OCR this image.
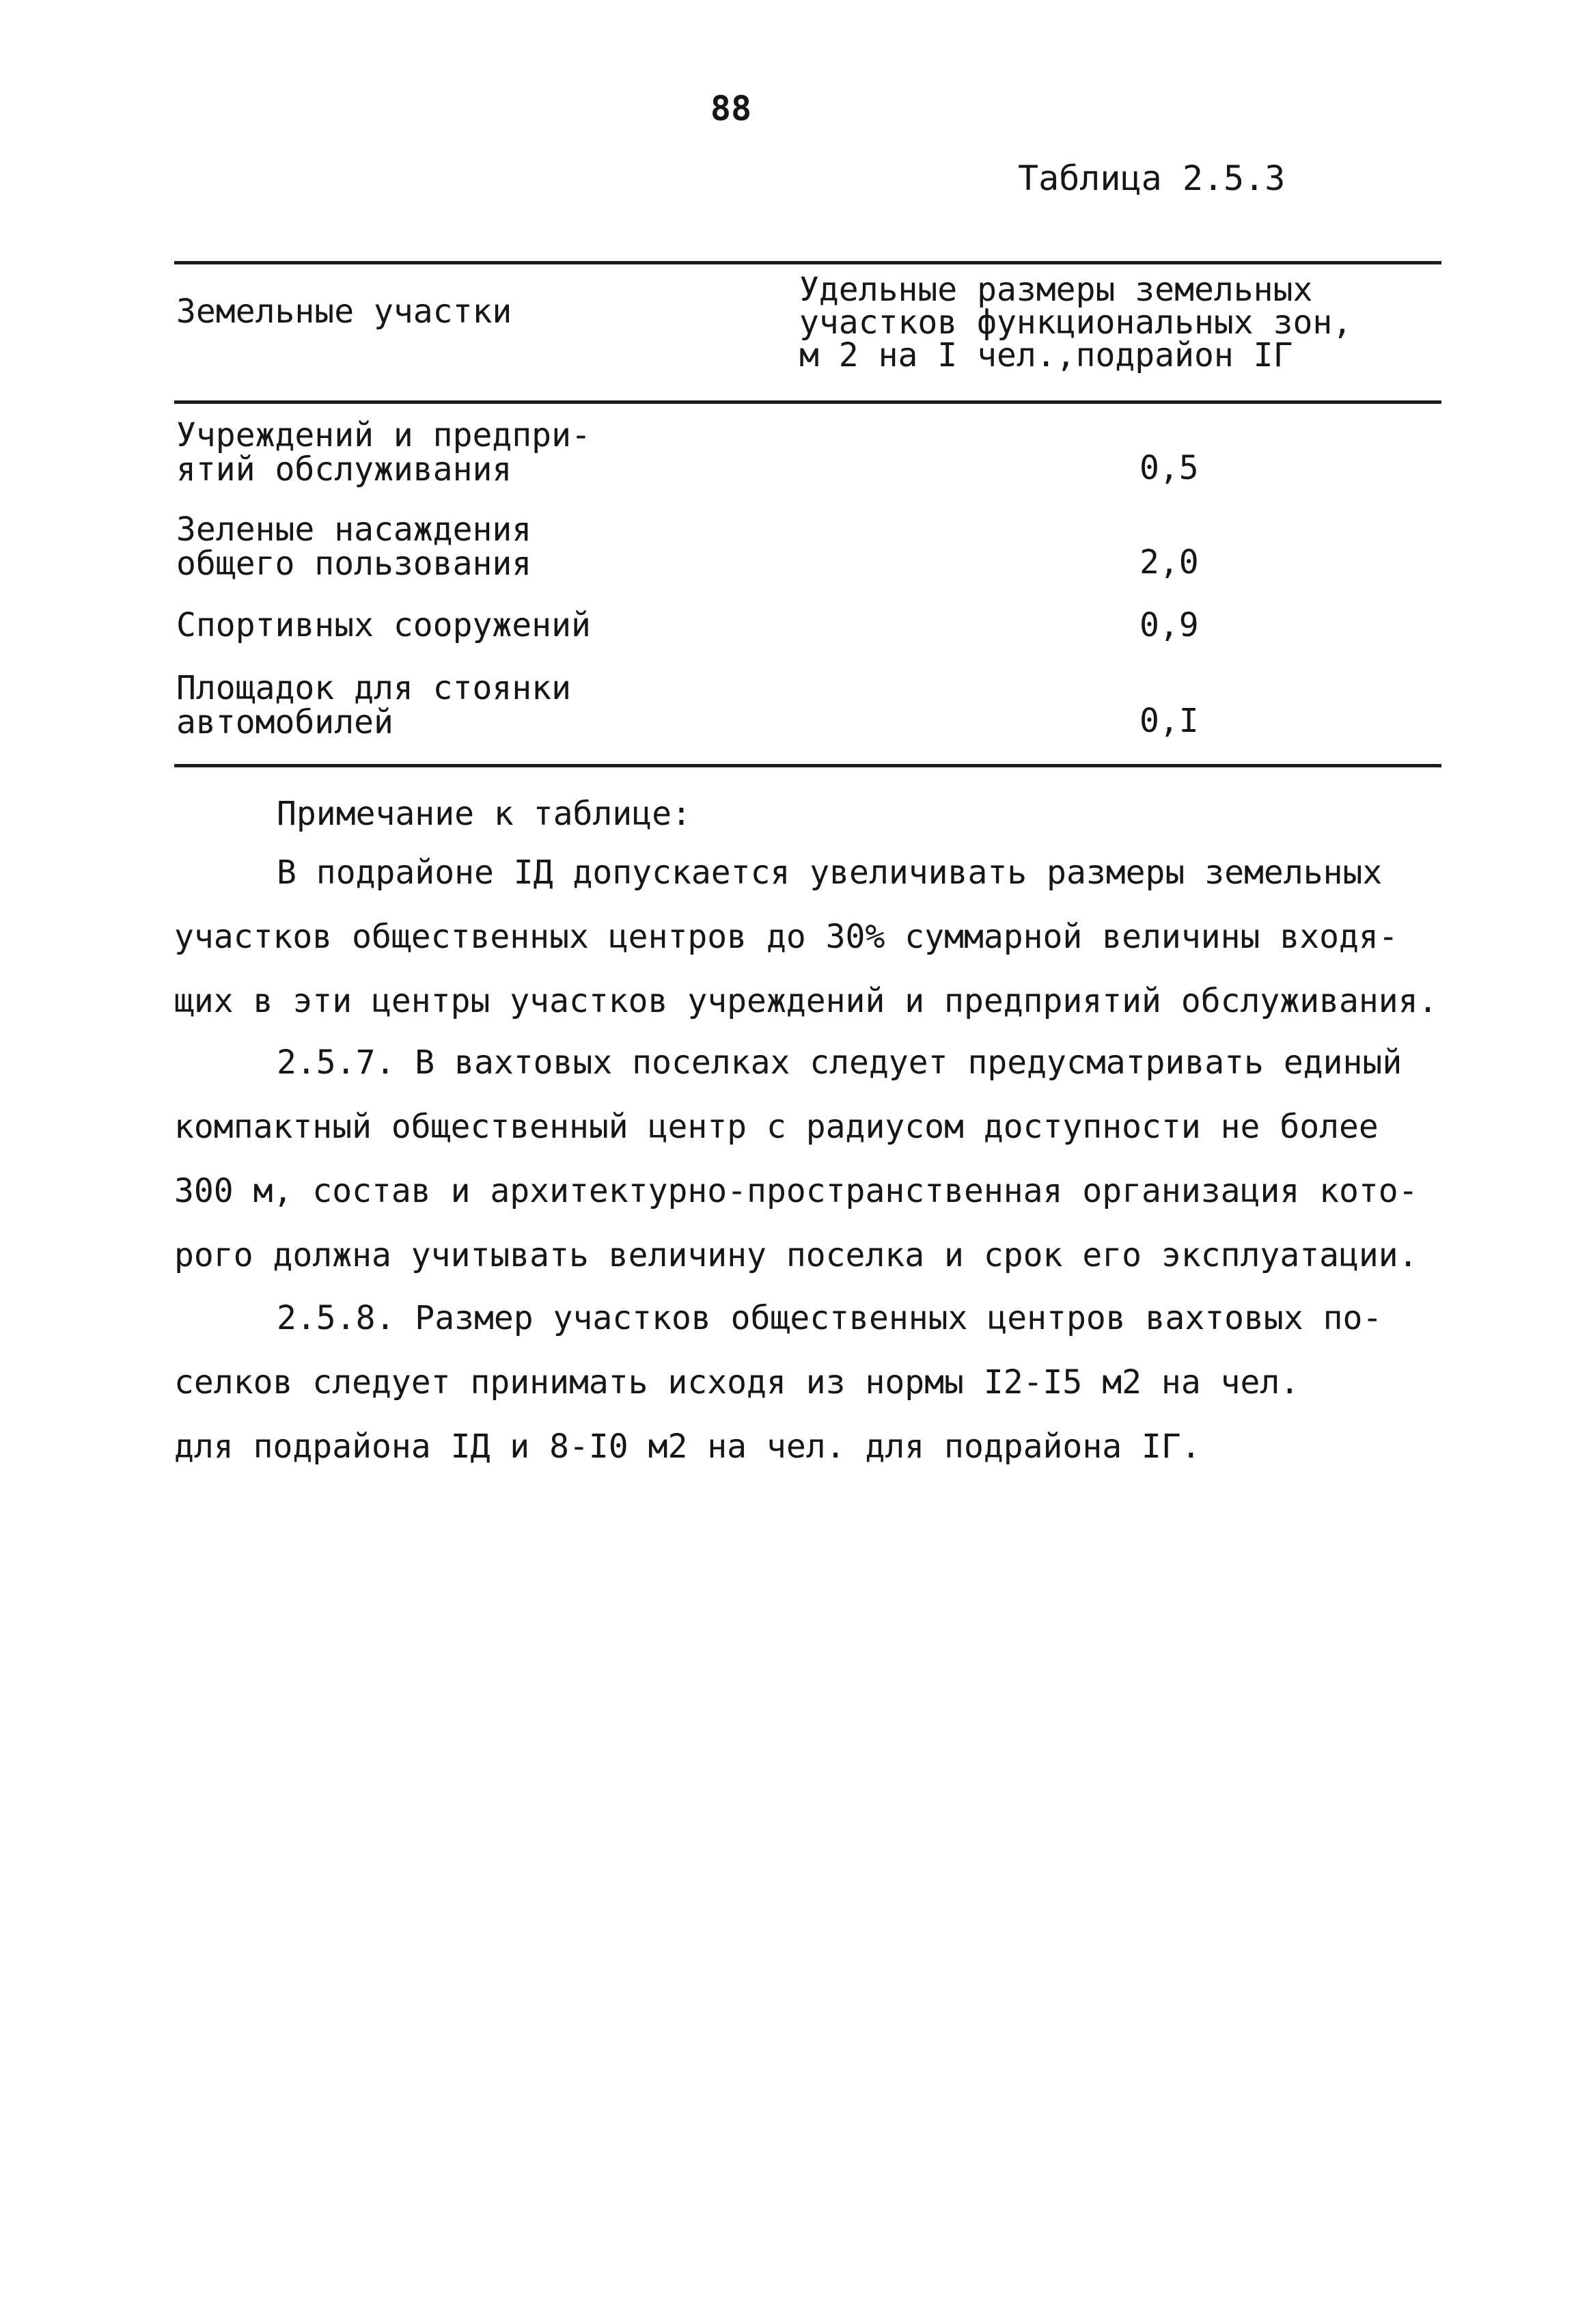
88
Таблица 2.5.3
Земельные участки
Удельные размеры земельных
участков функциональных зон,
м 2 на I чел.,подрайон IГ
Учреждений и предпри-
ятий обслуживания	0,5
Зеленые насаждения
общего пользования	2,0
Спортивных сооружений	0,9
Площадок для стоянки
автомобилей	0,I
Примечание к таблице:
В подрайоне IД допускается увеличивать размеры земельных
участков общественных центров до 30% суммарной величины входя-
щих в эти центры участков учреждений и предприятий обслуживания.
2.5.7. В вахтовых поселках следует предусматривать единый
компактный общественный центр с радиусом доступности не более
300 м, состав и архитектурно-пространственная организация кото-
рого должна учитывать величину поселка и срок его эксплуатации.
2.5.8. Размер участков общественных центров вахтовых по-
селков следует принимать исходя из нормы I2-I5 м2 на чел.
для подрайона IД и 8-I0 м2 на чел. для подрайона IГ.
